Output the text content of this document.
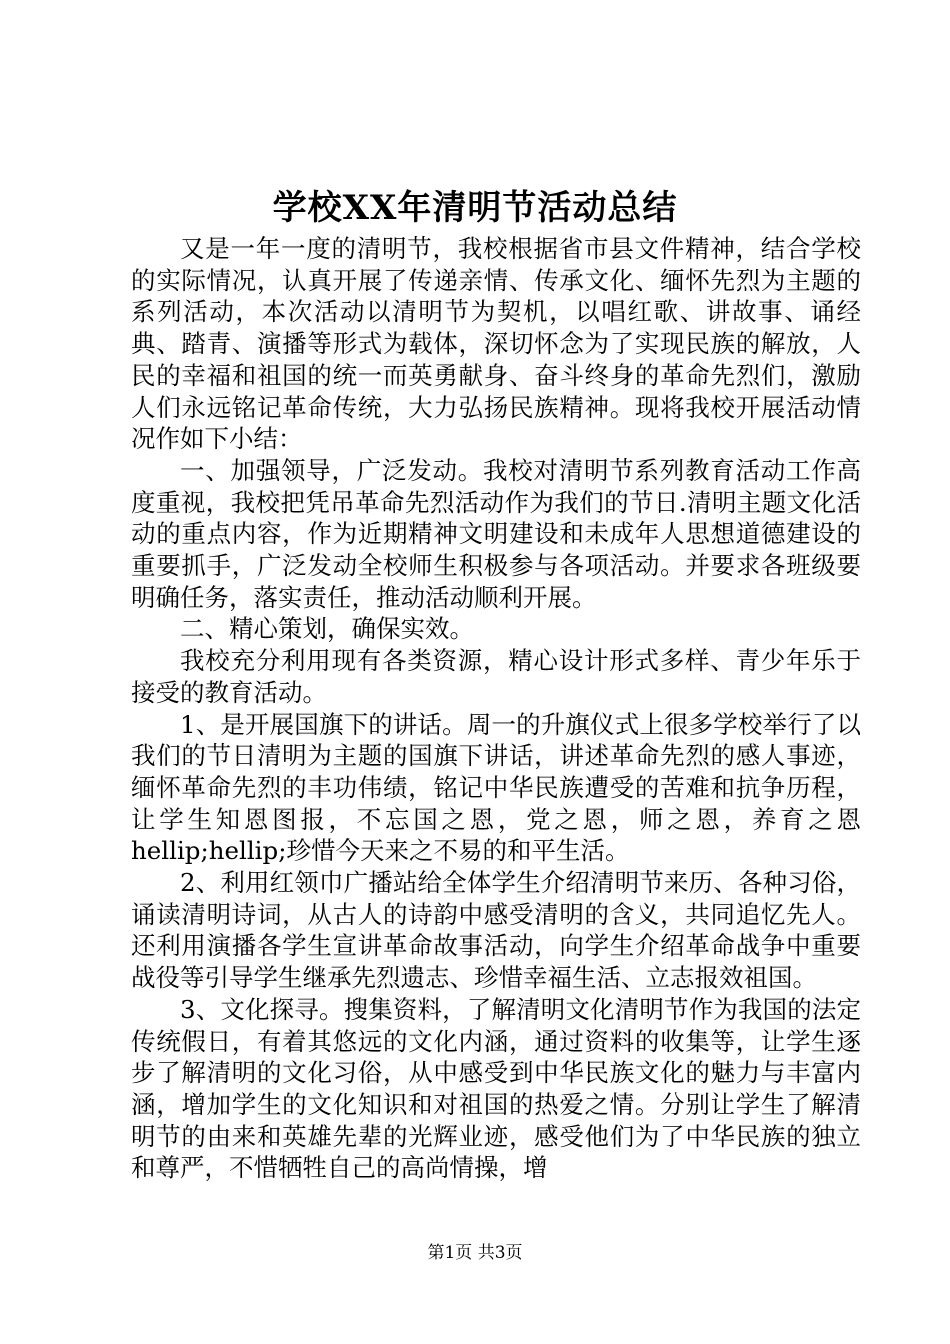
学校XX年清明节活动总结

又是一年一度的清明节，我校根据省市县文件精神，结合学校的实际情况，认真开展了传递亲情、传承文化、缅怀先烈为主题的系列活动，本次活动以清明节为契机，以唱红歌、讲故事、诵经典、踏青、演播等形式为载体，深切怀念为了实现民族的解放，人民的幸福和祖国的统一而英勇献身、奋斗终身的革命先烈们，激励人们永远铭记革命传统，大力弘扬民族精神。现将我校开展活动情况作如下小结：

一、加强领导，广泛发动。我校对清明节系列教育活动工作高度重视，我校把凭吊革命先烈活动作为我们的节日.清明主题文化活动的重点内容，作为近期精神文明建设和未成年人思想道德建设的重要抓手，广泛发动全校师生积极参与各项活动。并要求各班级要明确任务，落实责任，推动活动顺利开展。

二、精心策划，确保实效。

我校充分利用现有各类资源，精心设计形式多样、青少年乐于接受的教育活动。

1、是开展国旗下的讲话。周一的升旗仪式上很多学校举行了以我们的节日清明为主题的国旗下讲话，讲述革命先烈的感人事迹，缅怀革命先烈的丰功伟绩，铭记中华民族遭受的苦难和抗争历程，让学生知恩图报，不忘国之恩，党之恩，师之恩，养育之恩hellip;hellip;珍惜今天来之不易的和平生活。

2、利用红领巾广播站给全体学生介绍清明节来历、各种习俗，诵读清明诗词，从古人的诗韵中感受清明的含义，共同追忆先人。还利用演播各学生宣讲革命故事活动，向学生介绍革命战争中重要战役等引导学生继承先烈遗志、珍惜幸福生活、立志报效祖国。

3、文化探寻。搜集资料，了解清明文化清明节作为我国的法定传统假日，有着其悠远的文化内涵，通过资料的收集等，让学生逐步了解清明的文化习俗，从中感受到中华民族文化的魅力与丰富内涵，增加学生的文化知识和对祖国的热爱之情。分别让学生了解清明节的由来和英雄先辈的光辉业迹，感受他们为了中华民族的独立和尊严，不惜牺牲自己的高尚情操，增

第1页 共3页
